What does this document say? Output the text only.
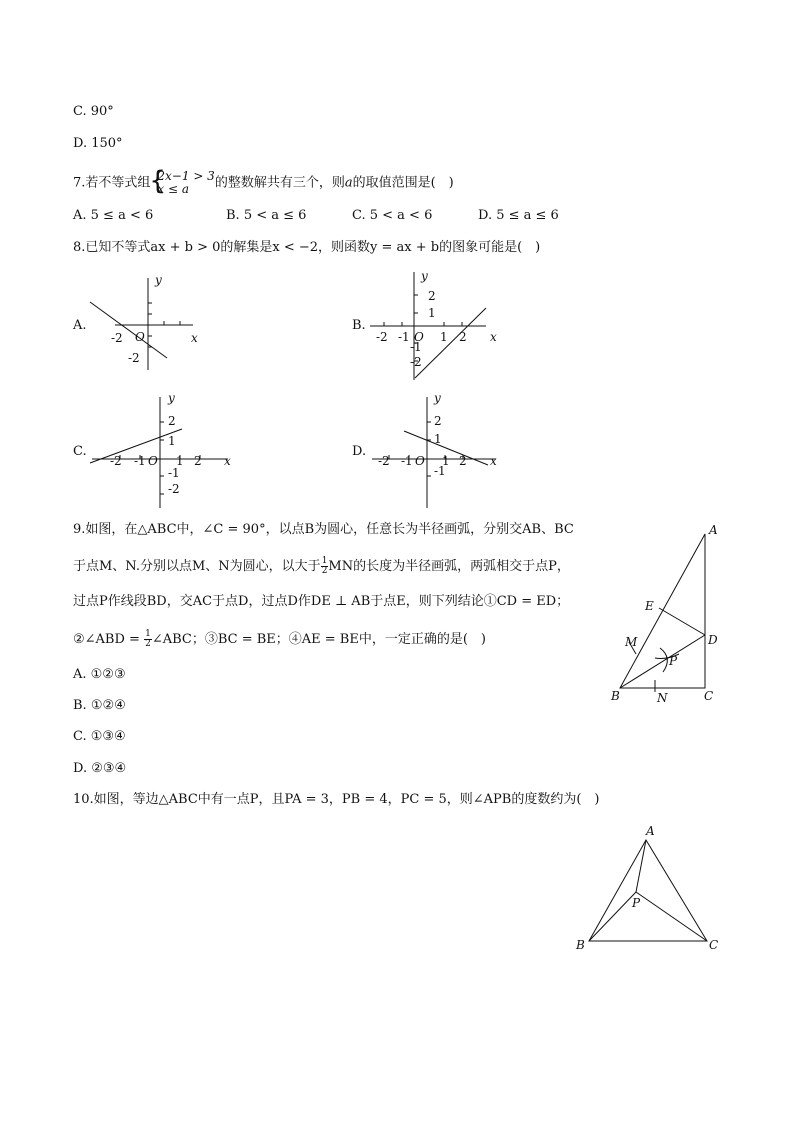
C. 90°
D. 150°
7.若不等式组 {
2x−1 > 3
x ≤ a	的整数解共有三个，则a的取值范围是(　)
A. 5 ≤ a < 6	B. 5 < a ≤ 6	C. 5 < a < 6	D. 5 ≤ a ≤ 6
8.已知不等式ax + b > 0的解集是x < −2，则函数y = ax + b的图象可能是(　)
A.
-2
-2
O	x
y
B.
-2 -1	1 2
2
1
-1
-2
O	x
y
C.
-2 -1	1 2
2
1
-1
-2
O	x
y
D.
-2 -1 1 2
2
1
-1
O	x
y
9.如图，在△ABC中，∠C = 90°，以点B为圆心，任意长为半径画弧，分别交AB、BC
于点M、N.分别以点M、N为圆心，以大于 $\frac{1}{2}$ MN的长度为半径画弧，两弧相交于点P，
过点P作线段BD，交AC于点D，过点D作DE ⊥ AB于点E，则下列结论①CD = ED；
②∠ABD = $\frac{1}{2}$ ∠ABC；③BC = BE；④AE = BE中，一定正确的是(　)
A. ①②③
B. ①②④
C. ①③④
D. ②③④
A
B	C
D
E
M
N
P
10.如图，等边△ABC中有一点P，且PA = 3，PB = 4，PC = 5，则∠APB的度数约为(　)
A
B	C
P
